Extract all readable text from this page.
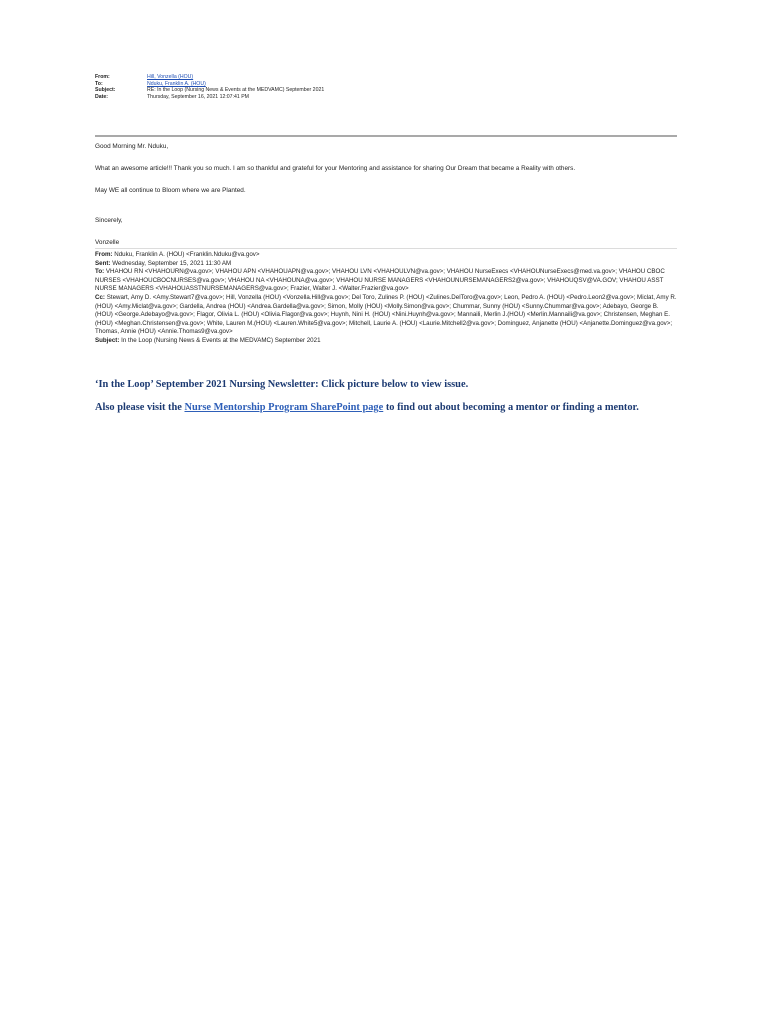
From:	Hill, Vonzella (HOU)
To:	Nduku, Franklin A. (HOU)
Subject:	RE: In the Loop (Nursing News & Events at the MEDVAMC) September 2021
Date:	Thursday, September 16, 2021 12:07:41 PM

Good Morning Mr. Nduku,

What an awesome article!!! Thank you so much. I am so thankful and grateful for your Mentoring and assistance for sharing Our Dream that became a Reality with others.

May WE all continue to Bloom where we are Planted.

Sincerely,

Vonzelle

From: Nduku, Franklin A. (HOU) <Franklin.Nduku@va.gov>
Sent: Wednesday, September 15, 2021 11:30 AM
To: VHAHOU RN <VHAHOURN@va.gov>; VHAHOU APN <VHAHOUAPN@va.gov>; VHAHOU LVN <VHAHOULVN@va.gov>; VHAHOU NurseExecs <VHAHOUNurseExecs@med.va.gov>; VHAHOU CBOC NURSES <VHAHOUCBOCNURSES@va.gov>; VHAHOU NA <VHAHOUNA@va.gov>; VHAHOU NURSE MANAGERS <VHAHOUNURSEMANAGERS2@va.gov>; VHAHOUQSV@VA.GOV; VHAHOU ASST NURSE MANAGERS <VHAHOUASSTNURSEMANAGERS@va.gov>; Frazier, Walter J. <Walter.Frazier@va.gov>
Cc: Stewart, Amy D. <Amy.Stewart7@va.gov>; Hill, Vonzella (HOU) <Vonzella.Hill@va.gov>; Del Toro, Zulines P. (HOU) <Zulines.DelToro@va.gov>; Leon, Pedro A. (HOU) <Pedro.Leon2@va.gov>; Miclat, Amy R. (HOU) <Amy.Miclat@va.gov>; Gardella, Andrea (HOU) <Andrea.Gardella@va.gov>; Simon, Molly (HOU) <Molly.Simon@va.gov>; Chummar, Sunny (HOU) <Sunny.Chummar@va.gov>; Adebayo, George B. (HOU) <George.Adebayo@va.gov>; Flagor, Olivia L. (HOU) <Olivia.Flagor@va.gov>; Huynh, Nini H. (HOU) <Nini.Huynh@va.gov>; Mannaili, Merlin J.(HOU) <Merlin.Mannaili@va.gov>; Christensen, Meghan E.(HOU) <Meghan.Christensen@va.gov>; White, Lauren M.(HOU) <Lauren.White5@va.gov>; Mitchell, Laurie A. (HOU) <Laurie.Mitchell2@va.gov>; Dominguez, Anjanette (HOU) <Anjanette.Dominguez@va.gov>; Thomas, Annie (HOU) <Annie.Thomas9@va.gov>
Subject: In the Loop (Nursing News & Events at the MEDVAMC) September 2021

‘In the Loop’ September 2021 Nursing Newsletter: Click picture below to view issue.

Also please visit the Nurse Mentorship Program SharePoint page to find out about becoming a mentor or finding a mentor.
